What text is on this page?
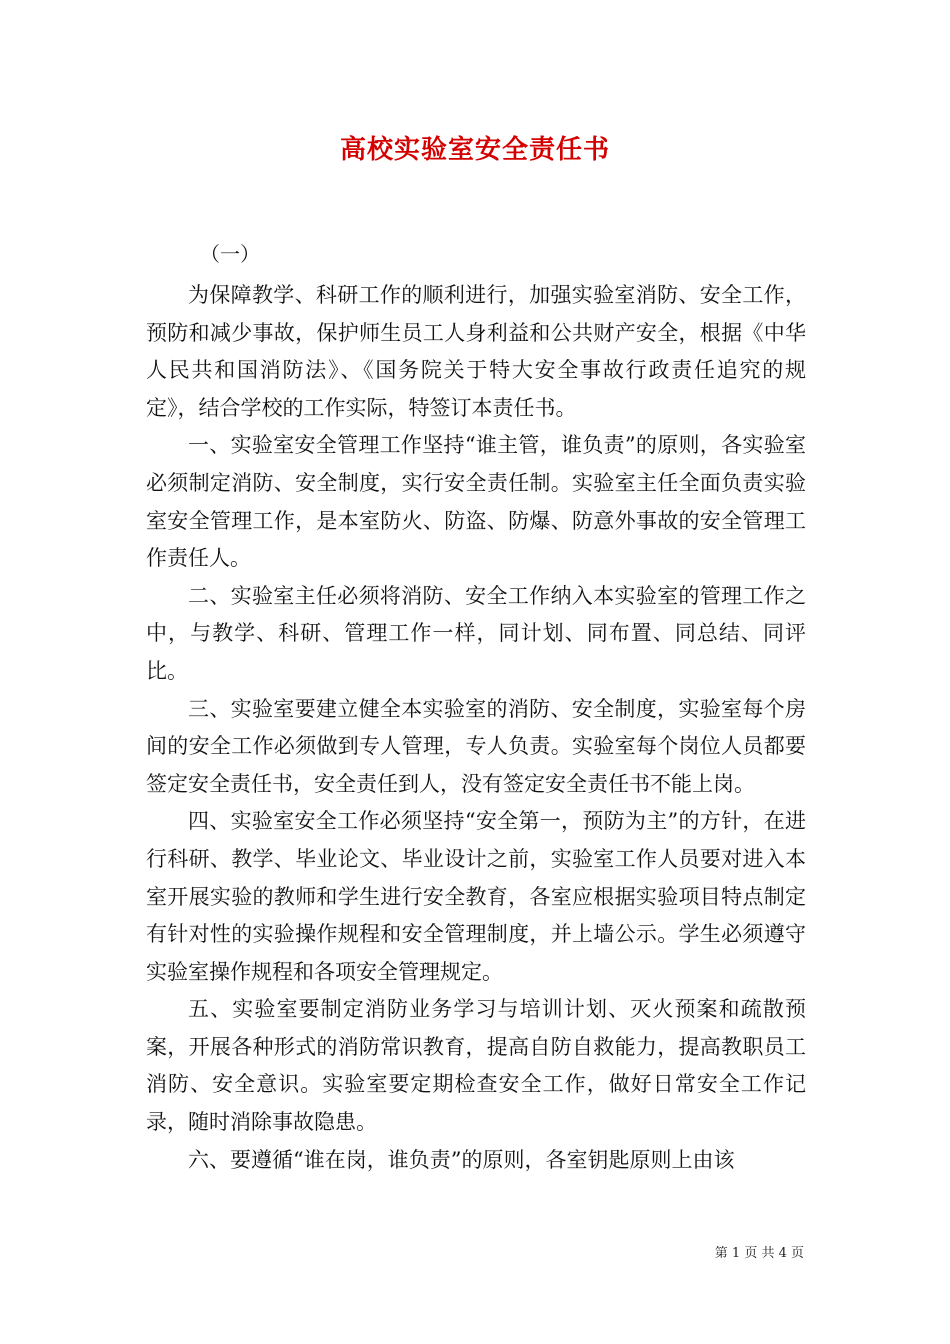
高校实验室安全责任书

（一）

为保障教学、科研工作的顺利进行，加强实验室消防、安全工作，预防和减少事故，保护师生员工人身利益和公共财产安全，根据《中华人民共和国消防法》、《国务院关于特大安全事故行政责任追究的规定》，结合学校的工作实际，特签订本责任书。

一、实验室安全管理工作坚持“谁主管，谁负责”的原则，各实验室必须制定消防、安全制度，实行安全责任制。实验室主任全面负责实验室安全管理工作，是本室防火、防盗、防爆、防意外事故的安全管理工作责任人。

二、实验室主任必须将消防、安全工作纳入本实验室的管理工作之中，与教学、科研、管理工作一样，同计划、同布置、同总结、同评比。

三、实验室要建立健全本实验室的消防、安全制度，实验室每个房间的安全工作必须做到专人管理，专人负责。实验室每个岗位人员都要签定安全责任书，安全责任到人，没有签定安全责任书不能上岗。

四、实验室安全工作必须坚持“安全第一，预防为主”的方针，在进行科研、教学、毕业论文、毕业设计之前，实验室工作人员要对进入本室开展实验的教师和学生进行安全教育，各室应根据实验项目特点制定有针对性的实验操作规程和安全管理制度，并上墙公示。学生必须遵守实验室操作规程和各项安全管理规定。

五、实验室要制定消防业务学习与培训计划、灭火预案和疏散预案，开展各种形式的消防常识教育，提高自防自救能力，提高教职员工消防、安全意识。实验室要定期检查安全工作，做好日常安全工作记录，随时消除事故隐患。

六、要遵循“谁在岗，谁负责”的原则，各室钥匙原则上由该

第 1 页 共 4 页
